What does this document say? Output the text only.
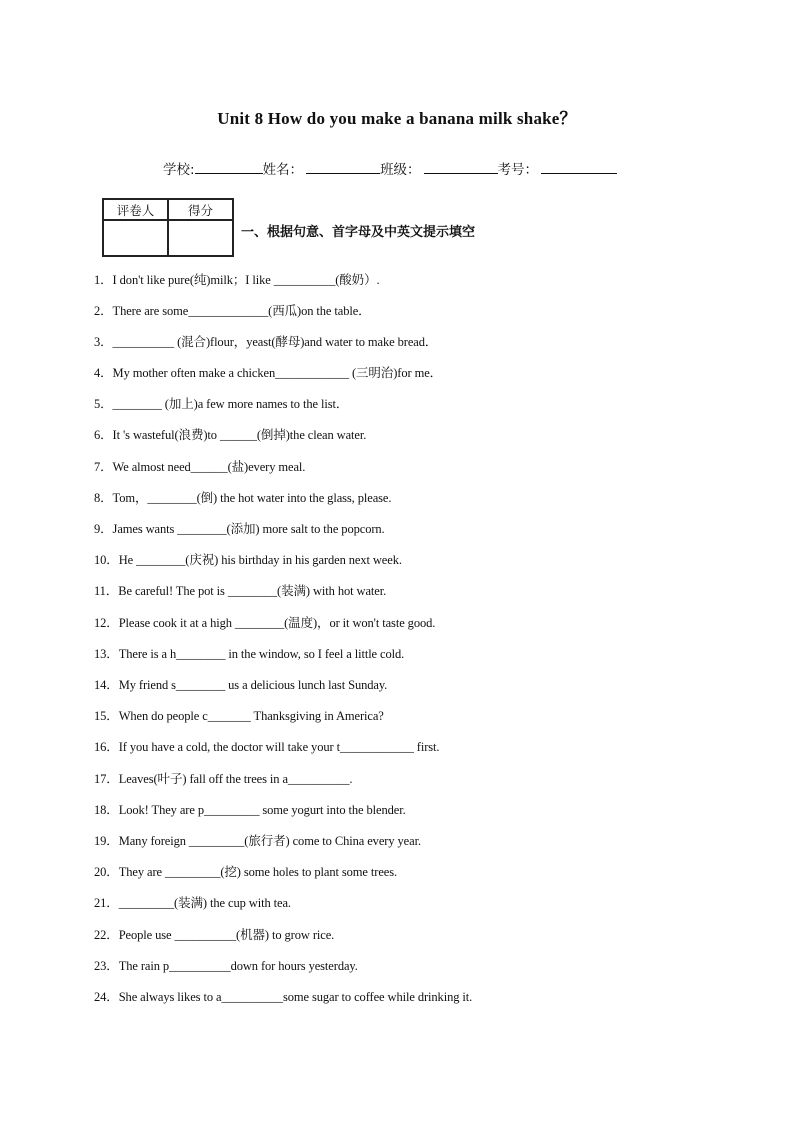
Unit 8 How do you make a banana milk shake？
学校:	姓名：	班级：	考号：
评卷人	得分

一、根据句意、首字母及中英文提示填空
1．I don't like pure(纯)milk；I like __________(酸奶）.
2．There are some_____________(西瓜)on the table．
3．__________ (混合)flour，yeast(酵母)and water to make bread．
4．My mother often make a chicken____________ (三明治)for me．
5．________ (加上)a few more names to the list．
6．It 's wasteful(浪费)to ______(倒掉)the clean water.
7．We almost need______(盐)every meal.
8．Tom，________(倒) the hot water into the glass, please.
9．James wants ________(添加) more salt to the popcorn.
10．He ________(庆祝) his birthday in his garden next week.
11．Be careful! The pot is ________(装满) with hot water.
12．Please cook it at a high ________(温度)，or it won't taste good.
13．There is a h________ in the window, so I feel a little cold.
14．My friend s________ us a delicious lunch last Sunday.
15．When do people c_______ Thanksgiving in America?
16．If you have a cold, the doctor will take your t____________ first.
17．Leaves(叶子) fall off the trees in a__________.
18．Look! They are p_________ some yogurt into the blender.
19．Many foreign _________(旅行者) come to China every year.
20．They are _________(挖) some holes to plant some trees.
21．_________(装满) the cup with tea.
22．People use __________(机器) to grow rice.
23．The rain p__________down for hours yesterday.
24．She always likes to a__________some sugar to coffee while drinking it.
